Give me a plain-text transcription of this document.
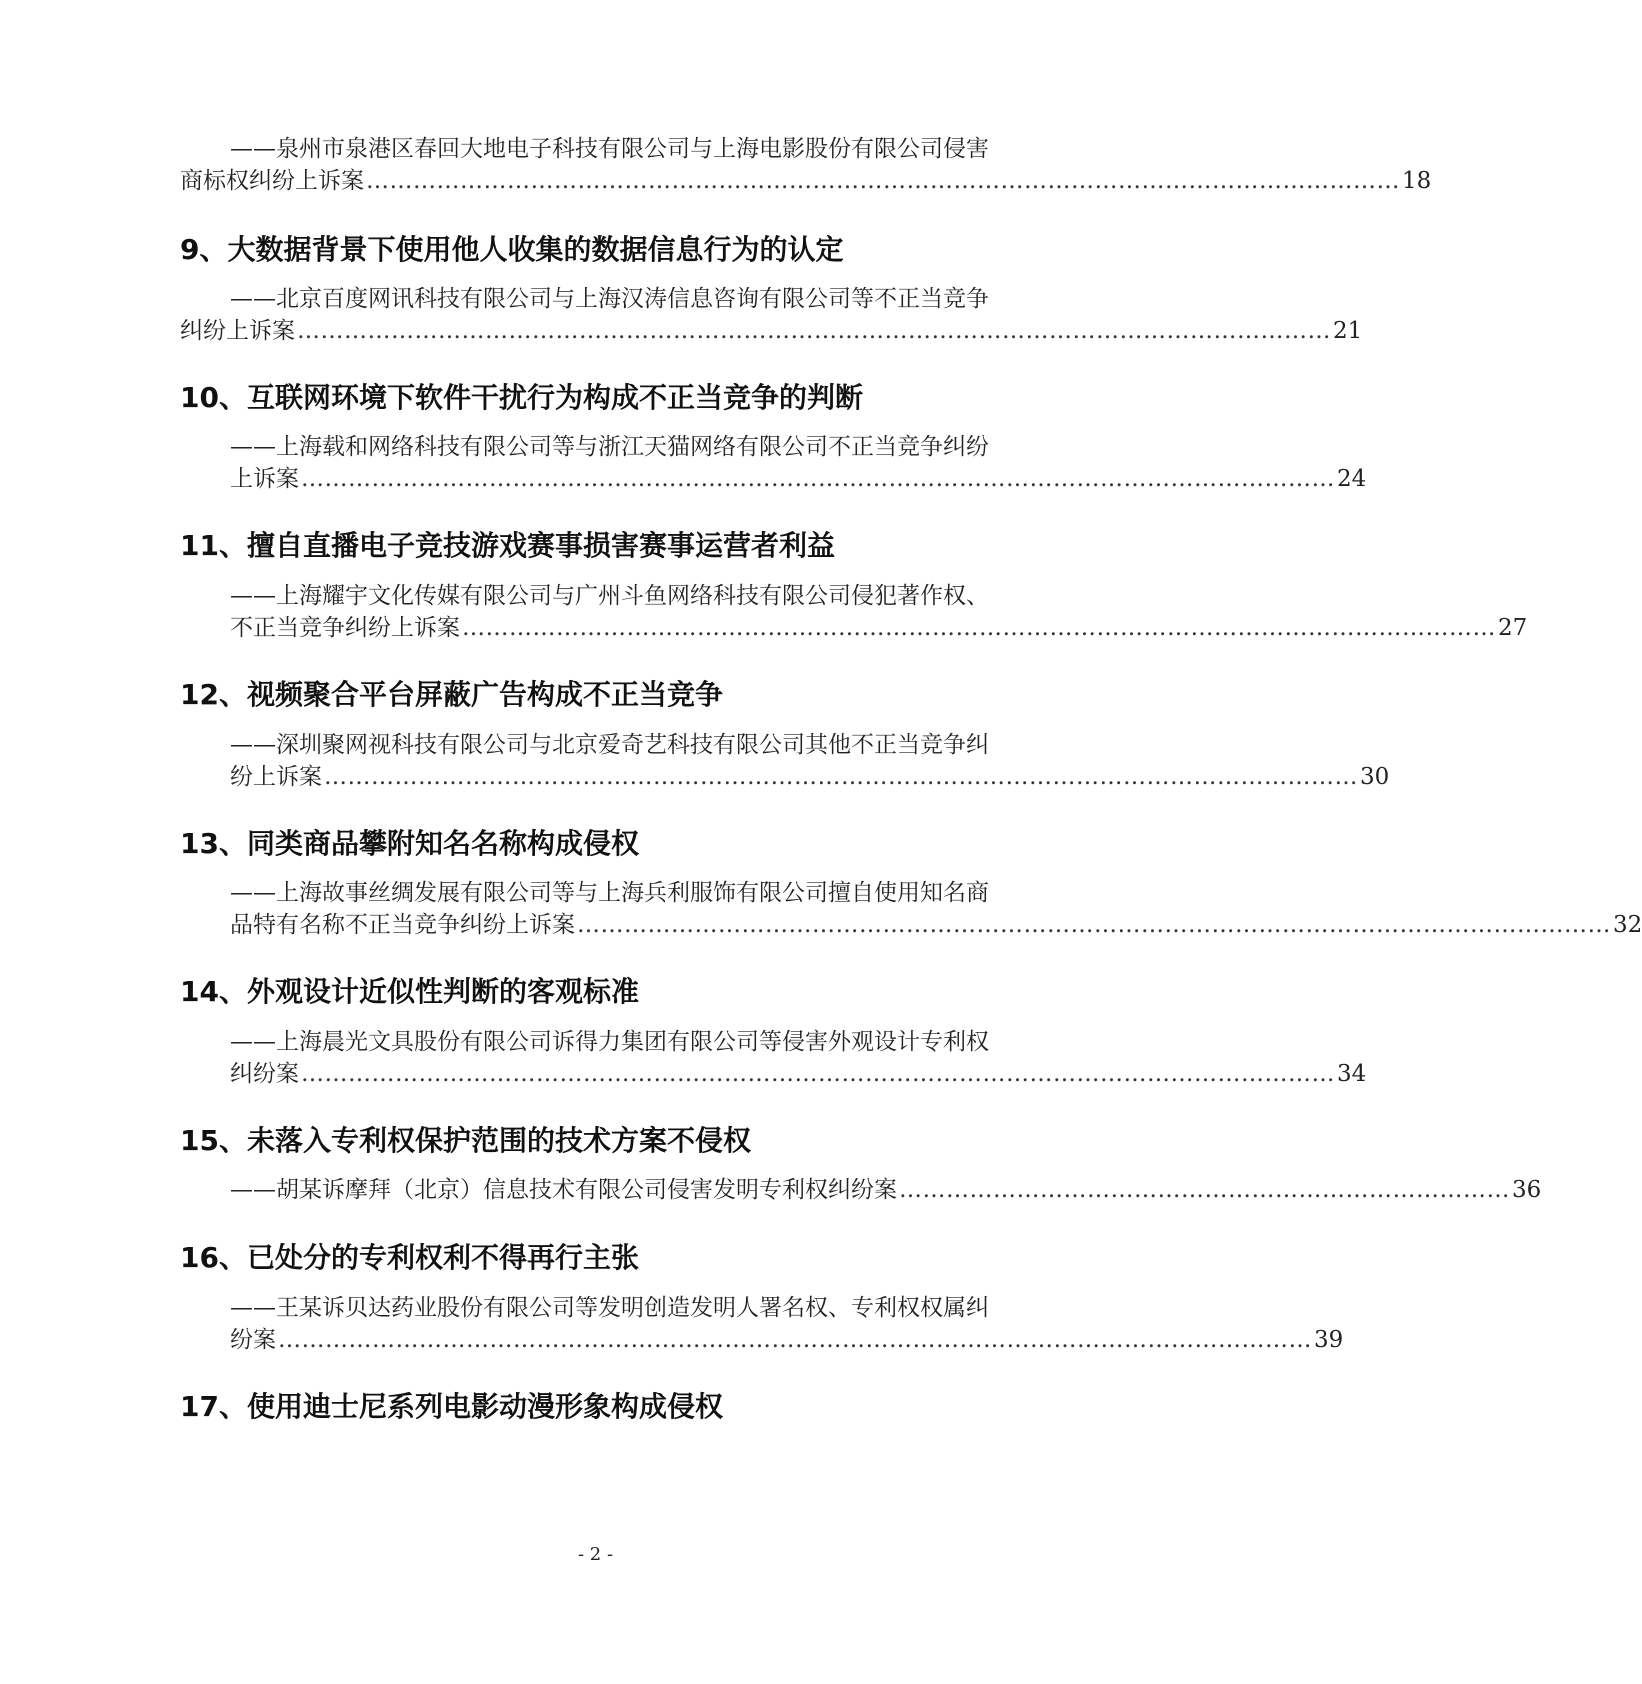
——泉州市泉港区春回大地电子科技有限公司与上海电影股份有限公司侵害
商标权纠纷上诉案 …………………………………………………………………………………………………………………… 18
9、大数据背景下使用他人收集的数据信息行为的认定
——北京百度网讯科技有限公司与上海汉涛信息咨询有限公司等不正当竞争
纠纷上诉案 …………………………………………………………………………………………………………………… 21
10、互联网环境下软件干扰行为构成不正当竞争的判断
——上海载和网络科技有限公司等与浙江天猫网络有限公司不正当竞争纠纷
上诉案 …………………………………………………………………………………………………………………… 24
11、擅自直播电子竞技游戏赛事损害赛事运营者利益
——上海耀宇文化传媒有限公司与广州斗鱼网络科技有限公司侵犯著作权、
不正当竞争纠纷上诉案 …………………………………………………………………………………………………………………… 27
12、视频聚合平台屏蔽广告构成不正当竞争
——深圳聚网视科技有限公司与北京爱奇艺科技有限公司其他不正当竞争纠
纷上诉案 …………………………………………………………………………………………………………………… 30
13、同类商品攀附知名名称构成侵权
——上海故事丝绸发展有限公司等与上海兵利服饰有限公司擅自使用知名商
品特有名称不正当竞争纠纷上诉案 …………………………………………………………………………………………………………………… 32
14、外观设计近似性判断的客观标准
——上海晨光文具股份有限公司诉得力集团有限公司等侵害外观设计专利权
纠纷案 …………………………………………………………………………………………………………………… 34
15、未落入专利权保护范围的技术方案不侵权
——胡某诉摩拜（北京）信息技术有限公司侵害发明专利权纠纷案 …………………………………………………………………… 36
16、已处分的专利权利不得再行主张
——王某诉贝达药业股份有限公司等发明创造发明人署名权、专利权权属纠
纷案 …………………………………………………………………………………………………………………… 39
17、使用迪士尼系列电影动漫形象构成侵权
- 2 -
